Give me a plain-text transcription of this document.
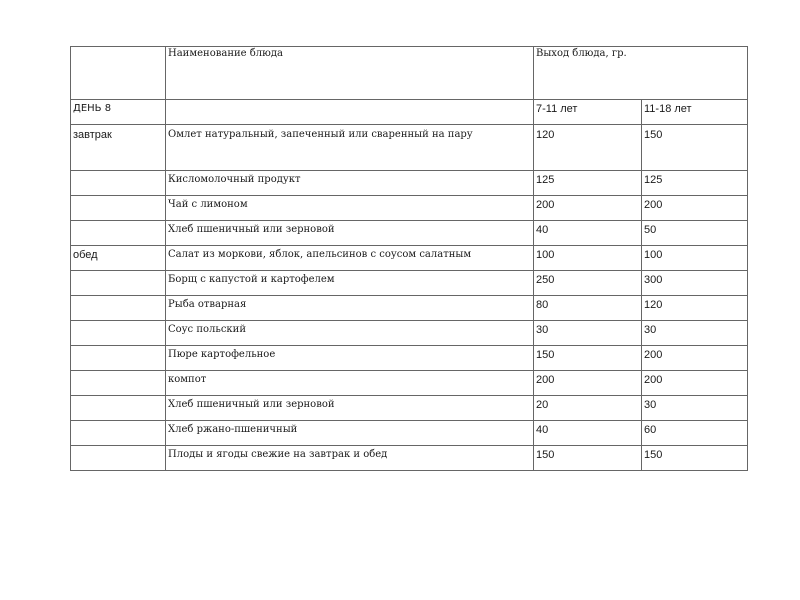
	Наименование блюда	Выход блюда, гр.	
ДЕНЬ 8		7-11 лет	11-18 лет
завтрак	Омлет натуральный, запеченный или сваренный на пару	120	150
	Кисломолочный продукт	125	125
	Чай с лимоном	200	200
	Хлеб пшеничный или зерновой	40	50
обед	Салат из моркови, яблок, апельсинов с соусом салатным	100	100
	Борщ с капустой и картофелем	250	300
	Рыба отварная	80	120
	Соус польский	30	30
	Пюре картофельное	150	200
	компот	200	200
	Хлеб пшеничный или зерновой	20	30
	Хлеб ржано-пшеничный	40	60
	Плоды и ягоды свежие на завтрак и обед	150	150
